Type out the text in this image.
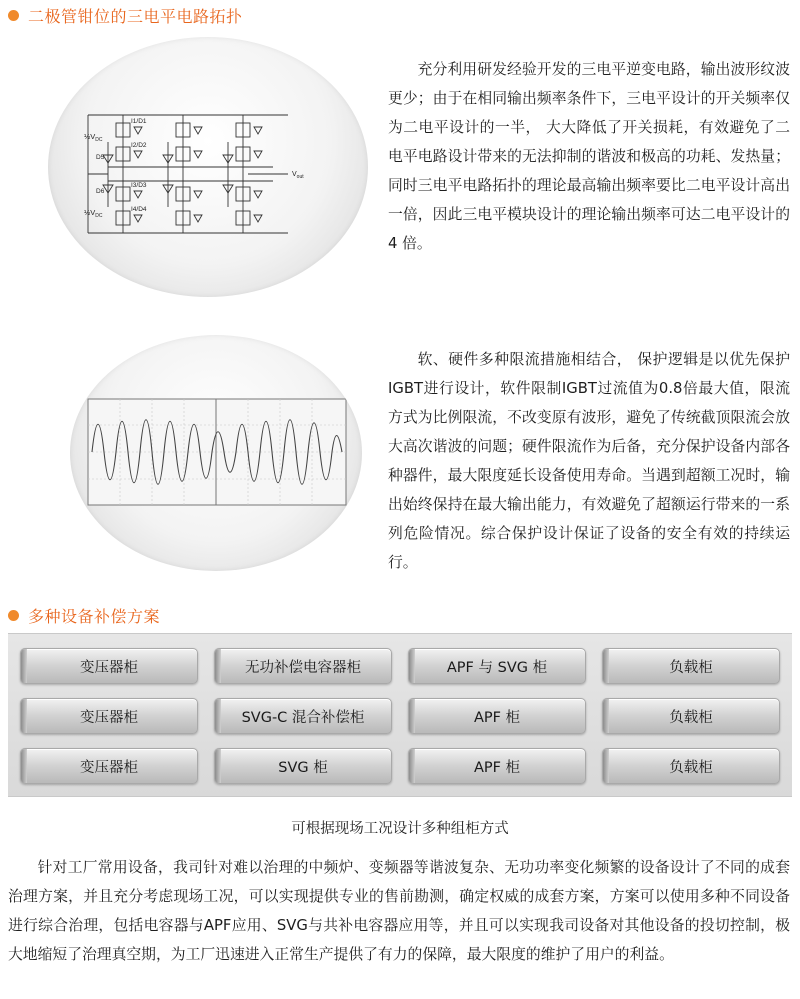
二极管钳位的三电平电路拓扑
$\frac{1}{2}V_{DC}$
$\frac{1}{2}V_{DC}$
I1/D1
I2/D2
I3/D3
I4/D4
D5
D6
$V_{out}$

充分利用研发经验开发的三电平逆变电路，输出波形纹波更少；由于在相同输出频率条件下，三电平设计的开关频率仅为二电平设计的一半， 大大降低了开关损耗，有效避免了二电平电路设计带来的无法抑制的谐波和极高的功耗、发热量；同时三电平电路拓扑的理论最高输出频率要比二电平设计高出一倍，因此三电平模块设计的理论输出频率可达二电平设计的 4 倍。

软、硬件多种限流措施相结合， 保护逻辑是以优先保护IGBT进行设计，软件限制IGBT过流值为0.8倍最大值，限流方式为比例限流，不改变原有波形，避免了传统截顶限流会放大高次谐波的问题；硬件限流作为后备，充分保护设备内部各种器件，最大限度延长设备使用寿命。当遇到超额工况时，输出始终保持在最大输出能力，有效避免了超额运行带来的一系列危险情况。综合保护设计保证了设备的安全有效的持续运行。

多种设备补偿方案
变压器柜	无功补偿电容器柜	APF 与 SVG 柜	负载柜
变压器柜	SVG-C 混合补偿柜	APF 柜	负载柜
变压器柜	SVG 柜	APF 柜	负载柜
可根据现场工况设计多种组柜方式

针对工厂常用设备，我司针对难以治理的中频炉、变频器等谐波复杂、无功功率变化频繁的设备设计了不同的成套治理方案，并且充分考虑现场工况，可以实现提供专业的售前勘测，确定权威的成套方案，方案可以使用多种不同设备进行综合治理，包括电容器与APF应用、SVG与共补电容器应用等，并且可以实现我司设备对其他设备的投切控制，极大地缩短了治理真空期，为工厂迅速进入正常生产提供了有力的保障，最大限度的维护了用户的利益。
